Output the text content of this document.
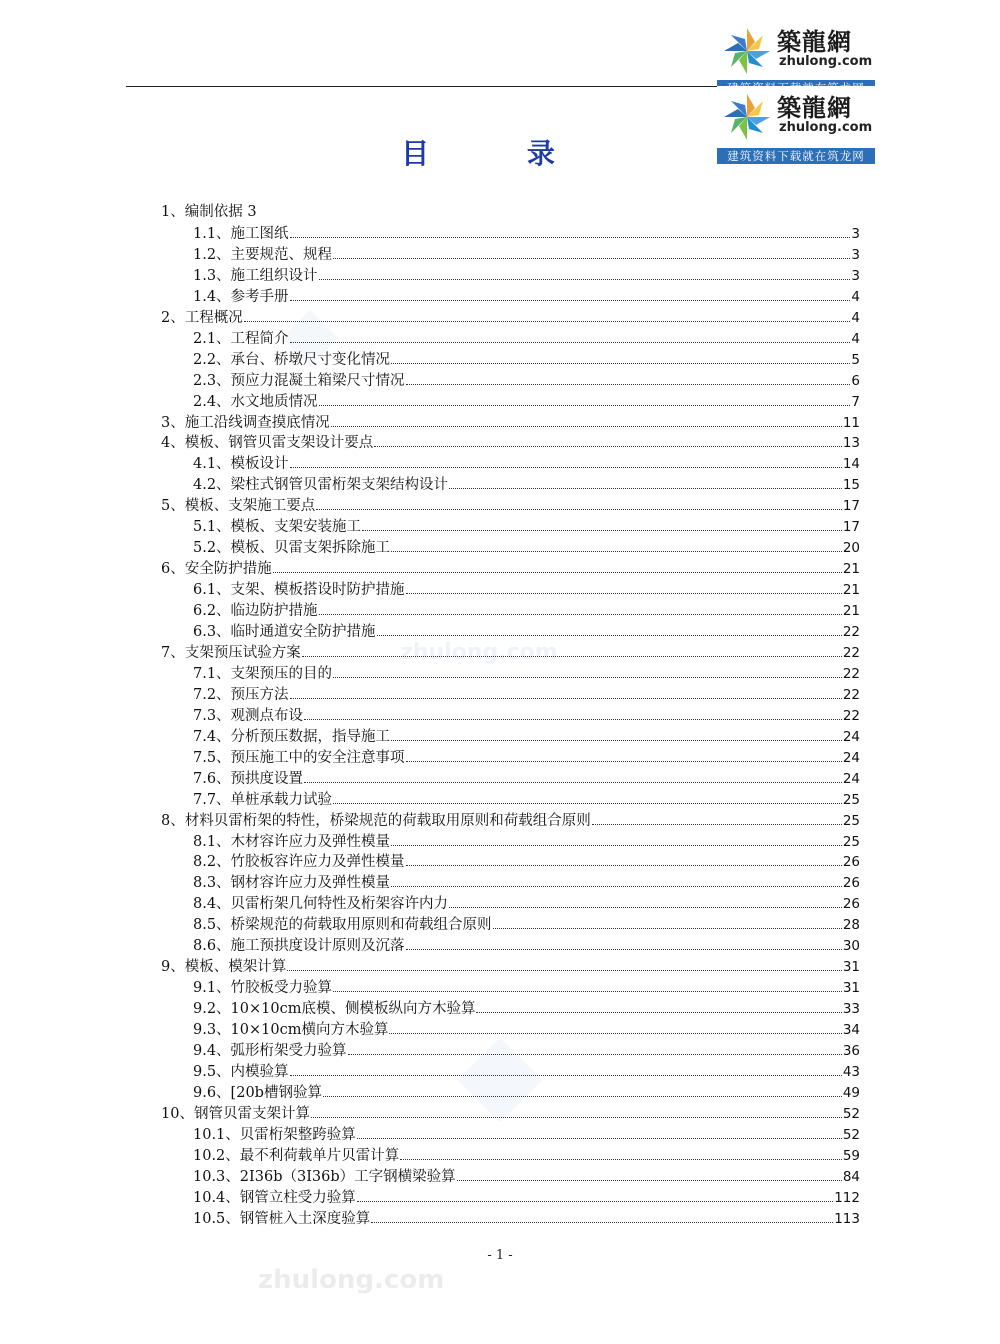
zhulong.com
zhulong.com
築龍網
zhulong.com
築龍網
zhulong.com
建筑资料下载就在筑龙网
目 录
1、编制依据 3
1.1、施工图纸	3
1.2、主要规范、规程	3
1.3、施工组织设计	3
1.4、参考手册	4
2、工程概况	4
2.1、工程简介	4
2.2、承台、桥墩尺寸变化情况	5
2.3、预应力混凝土箱梁尺寸情况	6
2.4、水文地质情况	7
3、施工沿线调查摸底情况	11
4、模板、钢管贝雷支架设计要点	13
4.1、模板设计	14
4.2、梁柱式钢管贝雷桁架支架结构设计	15
5、模板、支架施工要点	17
5.1、模板、支架安装施工	17
5.2、模板、贝雷支架拆除施工	20
6、安全防护措施	21
6.1、支架、模板搭设时防护措施	21
6.2、临边防护措施	21
6.3、临时通道安全防护措施	22
7、支架预压试验方案	22
7.1、支架预压的目的	22
7.2、预压方法	22
7.3、观测点布设	22
7.4、分析预压数据，指导施工	24
7.5、预压施工中的安全注意事项	24
7.6、预拱度设置	24
7.7、单桩承载力试验	25
8、材料贝雷桁架的特性，桥梁规范的荷载取用原则和荷载组合原则	25
8.1、木材容许应力及弹性模量	25
8.2、竹胶板容许应力及弹性模量	26
8.3、钢材容许应力及弹性模量	26
8.4、贝雷桁架几何特性及桁架容许内力	26
8.5、桥梁规范的荷载取用原则和荷载组合原则	28
8.6、施工预拱度设计原则及沉落	30
9、模板、模架计算	31
9.1、竹胶板受力验算	31
9.2、10×10cm底模、侧模板纵向方木验算	33
9.3、10×10cm横向方木验算	34
9.4、弧形桁架受力验算	36
9.5、内模验算	43
9.6、[20b槽钢验算	49
10、钢管贝雷支架计算	52
10.1、贝雷桁架整跨验算	52
10.2、最不利荷载单片贝雷计算	59
10.3、2I36b（3I36b）工字钢横梁验算	84
10.4、钢管立柱受力验算	112
10.5、钢管桩入土深度验算	113
- 1 -
